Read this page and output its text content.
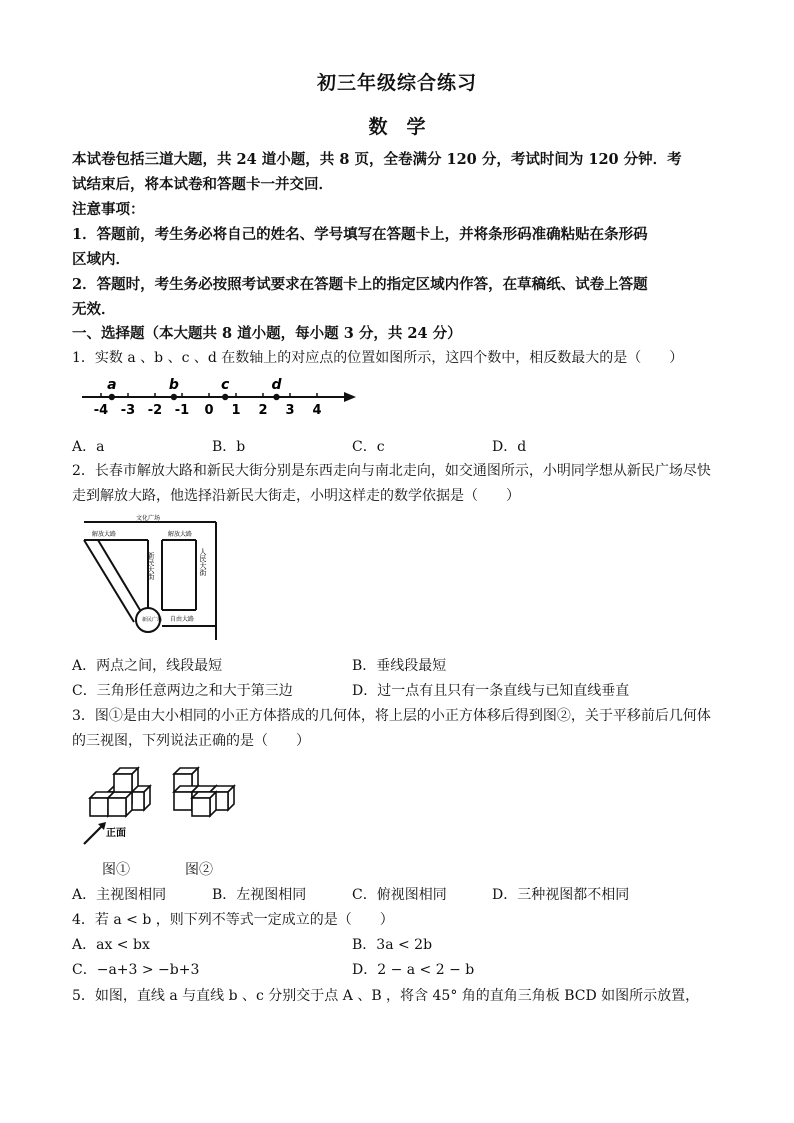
初三年级综合练习
数　学
本试卷包括三道大题，共 24 道小题，共 8 页，全卷满分 120 分，考试时间为 120 分钟．考
试结束后，将本试卷和答题卡一并交回．
注意事项：
1．答题前，考生务必将自己的姓名、学号填写在答题卡上，并将条形码准确粘贴在条形码
区域内．
2．答题时，考生务必按照考试要求在答题卡上的指定区域内作答，在草稿纸、试卷上答题
无效．
一、选择题（本大题共 8 道小题，每小题 3 分，共 24 分）
1．实数 a 、b 、c 、d 在数轴上的对应点的位置如图所示，这四个数中，相反数最大的是（　　）
-4 -3 -2 -1 0 1 2 3 4
a	b	c	d
A．a	B．b	C．c	D．d
2．长春市解放大路和新民大街分别是东西走向与南北走向，如交通图所示，小明同学想从新民广场尽快
走到解放大路，他选择沿新民大街走，小明这样走的数学依据是（　　）
文化广场
解放大路	解放大路
新民大街	人民大街
新民广场 自由大路
A．两点之间，线段最短	B．垂线段最短
C．三角形任意两边之和大于第三边	D．过一点有且只有一条直线与已知直线垂直
3．图①是由大小相同的小正方体搭成的几何体，将上层的小正方体移后得到图②，关于平移前后几何体
的三视图，下列说法正确的是（　　）
正面
图①	图②
A．主视图相同	B．左视图相同	C．俯视图相同	D．三种视图都不相同
4．若 a < b ，则下列不等式一定成立的是（　　）
A．ax < bx	B．3a < 2b
C．−a+3 > −b+3	D．2 − a < 2 − b
5．如图，直线 a 与直线 b 、c 分别交于点 A 、B ，将含 45° 角的直角三角板 BCD 如图所示放置，
